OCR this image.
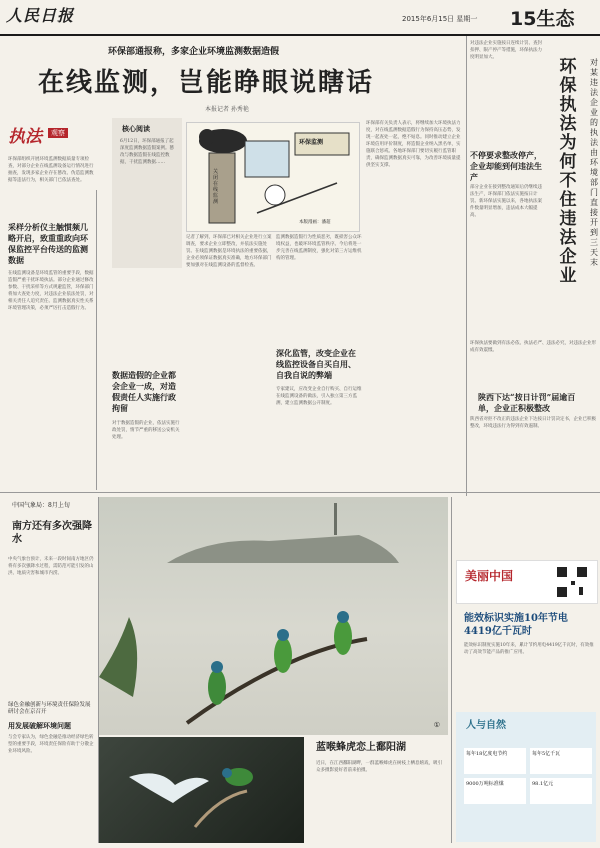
人民日报	2015年6月15日 星期一 15生态
环保部通报称，多家企业环境监测数据造假
在线监测，岂能睁眼说瞎话
本报记者 孙秀艳
执法	观察
环保部组织开展环境监测数据质量专项检查，对部分企业在线监测设备运行情况进行抽查，发现多家企业存在篡改、伪造监测数据等违法行为，相关部门已依法查处。
采样分析仪主触惯频几略开启，致重重政向环保监控平台传送的监测数据
在线监测设备是环境监管的重要手段，数据造假严重干扰环境执法。部分企业通过修改参数、干扰采样等方式规避监管，环保部门将加大查处力度，对违法企业依法处罚，对相关责任人追究责任。监测数据真实性关系环境管理决策，必须严厉打击造假行为。
核心阅读
6月12日，环保部通报了起深度监测数据造假案例。篡改与数据造假在线监控数据，干扰监测数据……
关闭在线监测
环保监测
本版漫画：潘超
记者了解到，环保部已对相关企业进行立案调查，要求企业立即整改，并依法实施处罚。在线监测数据是环境执法的重要依据，企业必须保证数据真实准确，地方环保部门要加强对在线监测设备的监督检查。
监测数据造假行为性质恶劣，既损害公众环境权益，也破坏环境监管秩序。今后将进一步完善在线监测制度，强化对第三方运维机构的管理。
深化监管，改变企业在线监控设备自买自用、自我自说的弊端
专家建议，应改变企业自行购买、自行运维在线监测设备的做法，引入独立第三方监测，建立监测数据公开制度。
数据造假的企业都会企业一成，对造假责任人实施行政拘留
对于数据造假的企业，依法实施行政处罚，情节严重的移送公安机关处理。
环保部有关负责人表示，将继续加大环境执法力度，对在线监测数据造假行为保持高压态势，发现一起查处一起，绝不姑息。同时推动建立企业环境信用评价制度，将造假企业纳入黑名单，实施联合惩戒。各地环保部门要切实履行监管职责，确保监测数据真实可靠，为改善环境质量提供坚实支撑。
对违法企业实施按日连续计罚、查封扣押、限产停产等措施，环保执法力度明显加大。	环保执法为何不住违法企业
对某违法企业的执法由环境部门直接开到三天末
不停要求整改停产，企业却能到何违法生产
部分企业在接到整改通知后仍继续违法生产，环保部门依法实施按日计罚。新环保法实施以来，各地执法案件数量明显增加，违法成本大幅提高。
环保执法要做到有法必依、执法必严、违法必究，对违法企业形成有效震慑。
陕西下达“按日计罚”届逾百单，企业正积极整改
陕西省对拒不改正的违法企业下达按日计罚决定书，企业已积极整改，环境违法行为得到有效遏制。
中国气象局：8月上旬
南方还有多次强降水
中央气象台预计，未来一段时间南方地区仍将有多次强降水过程，需防范可能引发的山洪、地质灾害和城市内涝。
绿色金融创新与环境责任保险发展研讨会在京召开
用发展破解环境问题
与会专家认为，绿色金融是推动经济绿色转型的重要手段，环境责任保险有助于分散企业环境风险。
①
蓝喉蜂虎恋上鄱阳湖
近日，在江西鄱阳湖畔，一群蓝喉蜂虎在树枝上栖息嬉戏，吸引众多摄影爱好者前来拍摄。
美丽中国
能效标识实施10年节电4419亿千瓦时
能效标识制度实施10年来，累计节约用电4419亿千瓦时，有效推动了高效节能产品的推广应用。
人与自然
每年18亿度电节约	每年5亿千瓦
9000万吨标准煤	98.1亿元
